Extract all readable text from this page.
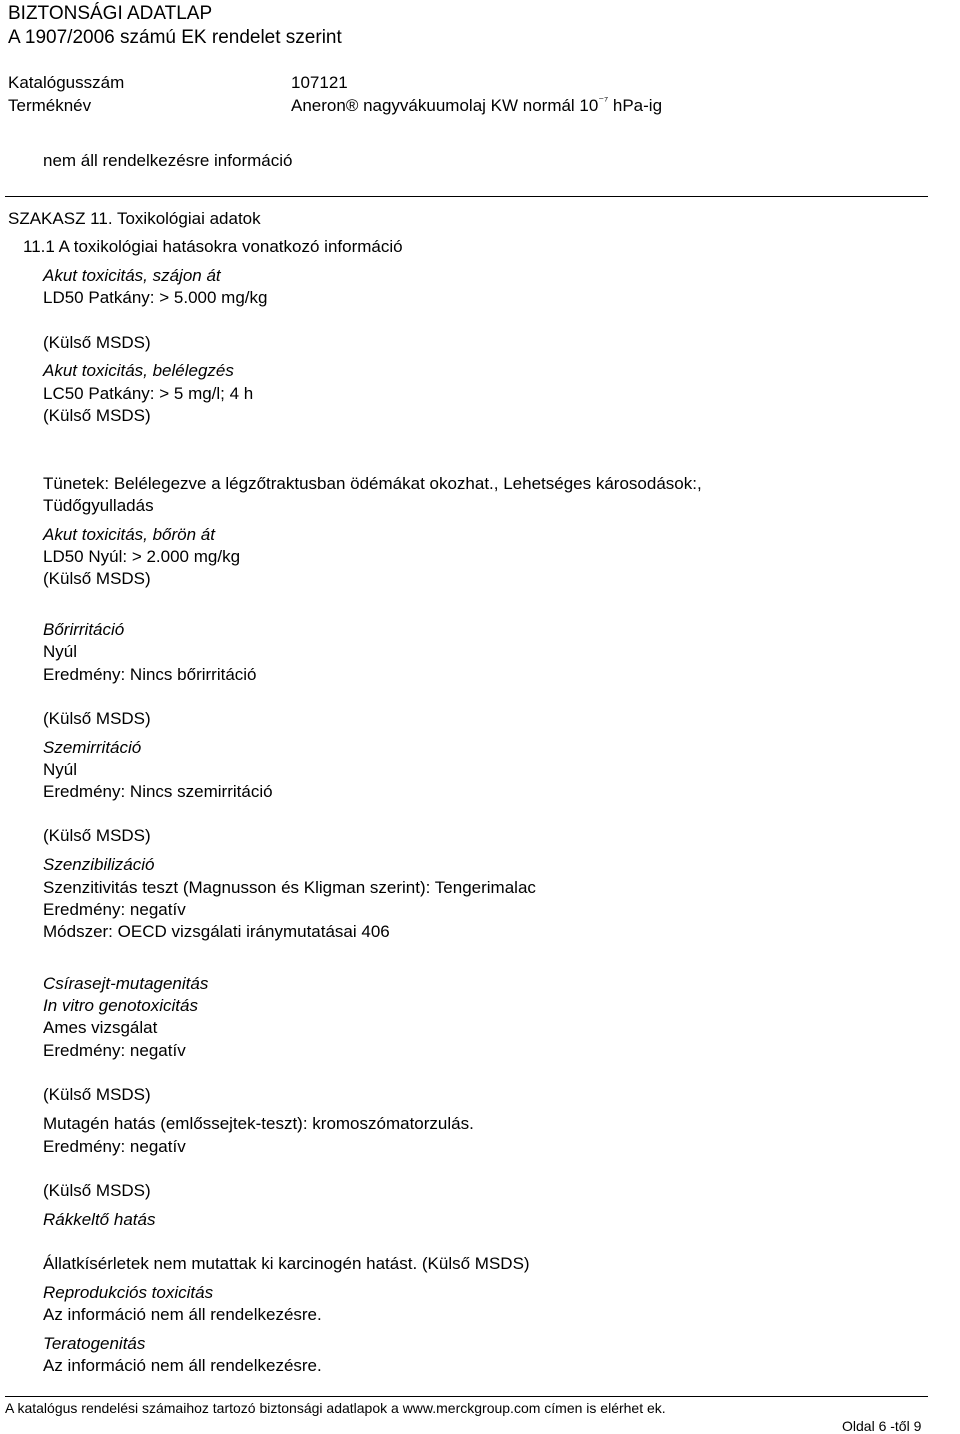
BIZTONSÁGI ADATLAP
A 1907/2006 számú EK rendelet szerint
Katalógusszám	107121
Terméknév	Aneron® nagyvákuumolaj KW normál $10^{^{-7}}$ hPa-ig
nem áll rendelkezésre információ
SZAKASZ 11. Toxikológiai adatok
11.1 A toxikológiai hatásokra vonatkozó információ
Akut toxicitás, szájon át
LD50 Patkány: > 5.000 mg/kg
(Külső MSDS)
Akut toxicitás, belélegzés
LC50 Patkány: > 5 mg/l; 4 h
(Külső MSDS)
Tünetek: Belélegezve a légzőtraktusban ödémákat okozhat., Lehetséges károsodások:,
Tüdőgyulladás
Akut toxicitás, bőrön át
LD50 Nyúl: > 2.000 mg/kg
(Külső MSDS)
Bőrirritáció
Nyúl
Eredmény: Nincs bőrirritáció
(Külső MSDS)
Szemirritáció
Nyúl
Eredmény: Nincs szemirritáció
(Külső MSDS)
Szenzibilizáció
Szenzitivitás teszt (Magnusson és Kligman szerint): Tengerimalac
Eredmény: negatív
Módszer: OECD vizsgálati iránymutatásai 406
Csírasejt-mutagenitás
In vitro genotoxicitás
Ames vizsgálat
Eredmény: negatív
(Külső MSDS)
Mutagén hatás (emlőssejtek-teszt): kromoszómatorzulás.
Eredmény: negatív
(Külső MSDS)
Rákkeltő hatás
Állatkísérletek nem mutattak ki karcinogén hatást. (Külső MSDS)
Reprodukciós toxicitás
Az információ nem áll rendelkezésre.
Teratogenitás
Az információ nem áll rendelkezésre.
A katalógus rendelési számaihoz tartozó biztonsági adatlapok a www.merckgroup.com címen is elérhet ek.
Oldal 6 -től 9
